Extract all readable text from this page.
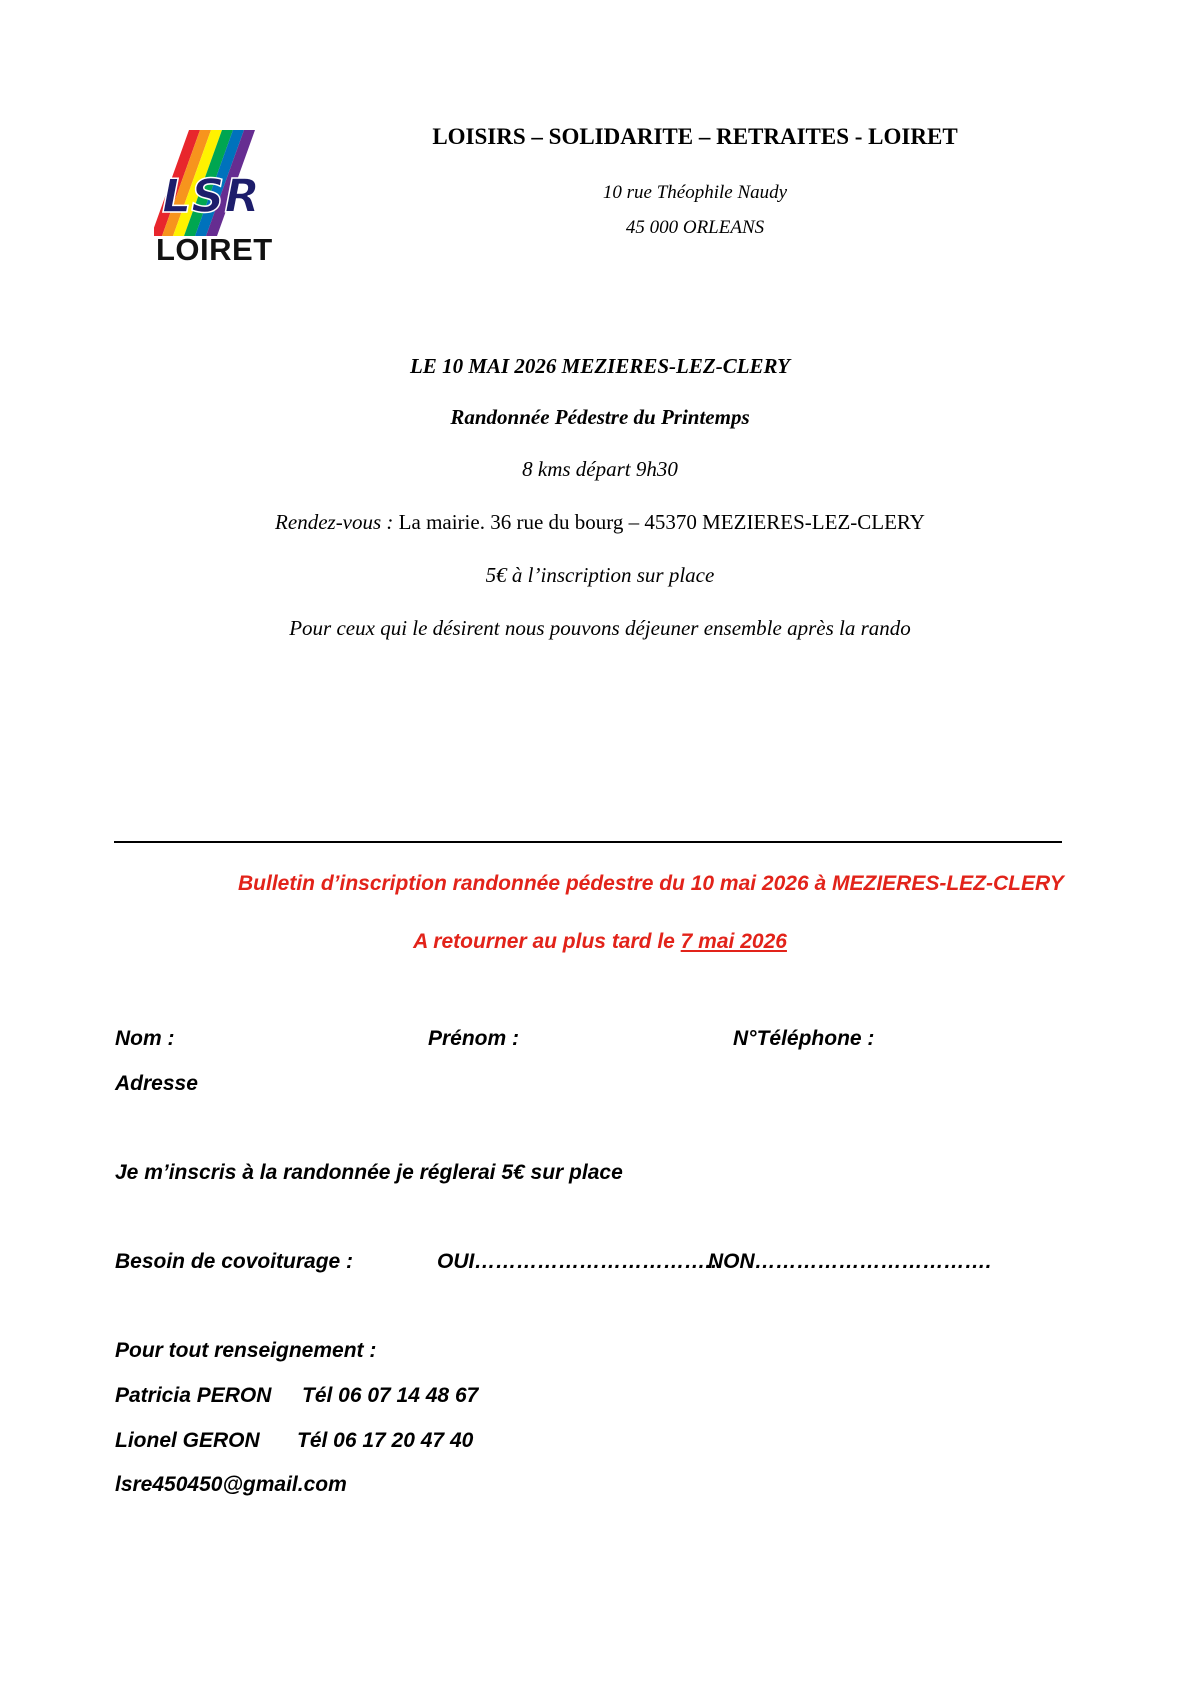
LSR
LOIRET
LOISIRS – SOLIDARITE – RETRAITES - LOIRET
10 rue Théophile Naudy
45 000 ORLEANS
LE 10 MAI 2026 MEZIERES-LEZ-CLERY
Randonnée Pédestre du Printemps
8 kms départ 9h30
Rendez-vous : La mairie. 36 rue du bourg – 45370 MEZIERES-LEZ-CLERY
5€ à l’inscription sur place
Pour ceux qui le désirent nous pouvons déjeuner ensemble après la rando
Bulletin d’inscription randonnée pédestre du 10 mai 2026 à MEZIERES-LEZ-CLERY
A retourner au plus tard le 7 mai 2026
Nom :	Prénom :	N°Téléphone :
Adresse
Je m’inscris à la randonnée je réglerai 5€ sur place
Besoin de covoiturage :	OUI……………………………..
NON…………………………….
Pour tout renseignement :
Patricia PERON Tél 06 07 14 48 67
Lionel GERON Tél 06 17 20 47 40
lsre450450@gmail.com
